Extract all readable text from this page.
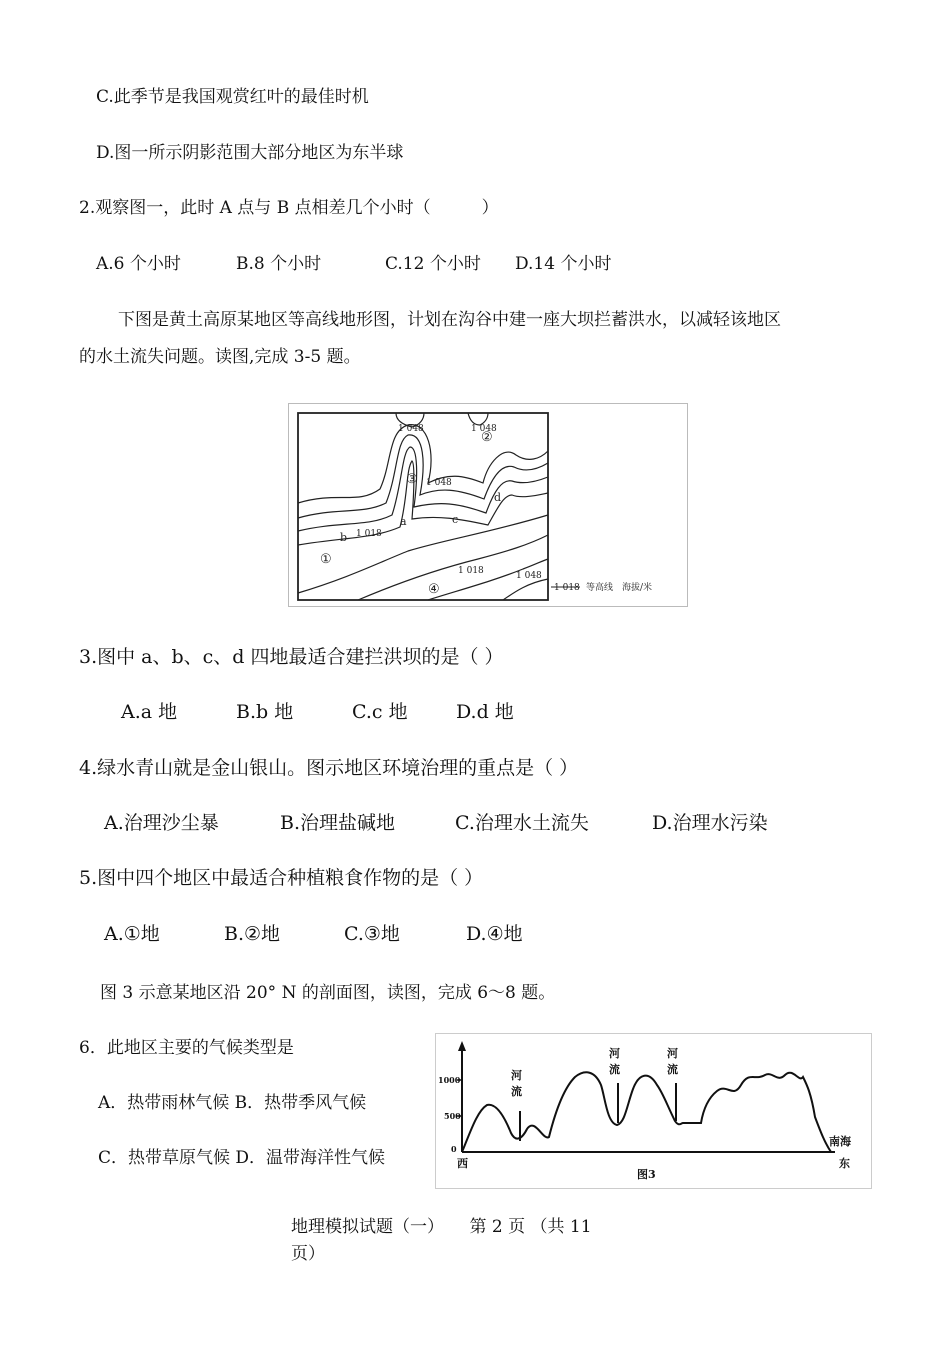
C.此季节是我国观赏红叶的最佳时机
D.图一所示阴影范围大部分地区为东半球
2.观察图一，此时 A 点与 B 点相差几个小时（　　　）
A.6 个小时	B.8 个小时	C.12 个小时 D.14 个小时
下图是黄土高原某地区等高线地形图，计划在沟谷中建一座大坝拦蓄洪水，以减轻该地区
的水土流失问题。读图,完成 3-5 题。
1 048	1 048
1 048
1 018
1 018	1 048
a
b
c
d
①
②
③
④	1 018 等高线　海拔/米
3.图中 a、b、c、d 四地最适合建拦洪坝的是（ ）
A.a 地	B.b 地	C.c 地	D.d 地
4.绿水青山就是金山银山。图示地区环境治理的重点是（ ）
A.治理沙尘暴	B.治理盐碱地	C.治理水土流失	D.治理水污染
5.图中四个地区中最适合种植粮食作物的是（ ）
A.①地	B.②地	C.③地	D.④地
图 3 示意某地区沿 20° N 的剖面图，读图，完成 6～8 题。
6．此地区主要的气候类型是
A．热带雨林气候 B．热带季风气候
C．热带草原气候 D．温带海洋性气候
1000
500
0
河流
河流
河流
西
南海
东
图3
地理模拟试题（一）　　第 2 页 （共 11
页）
